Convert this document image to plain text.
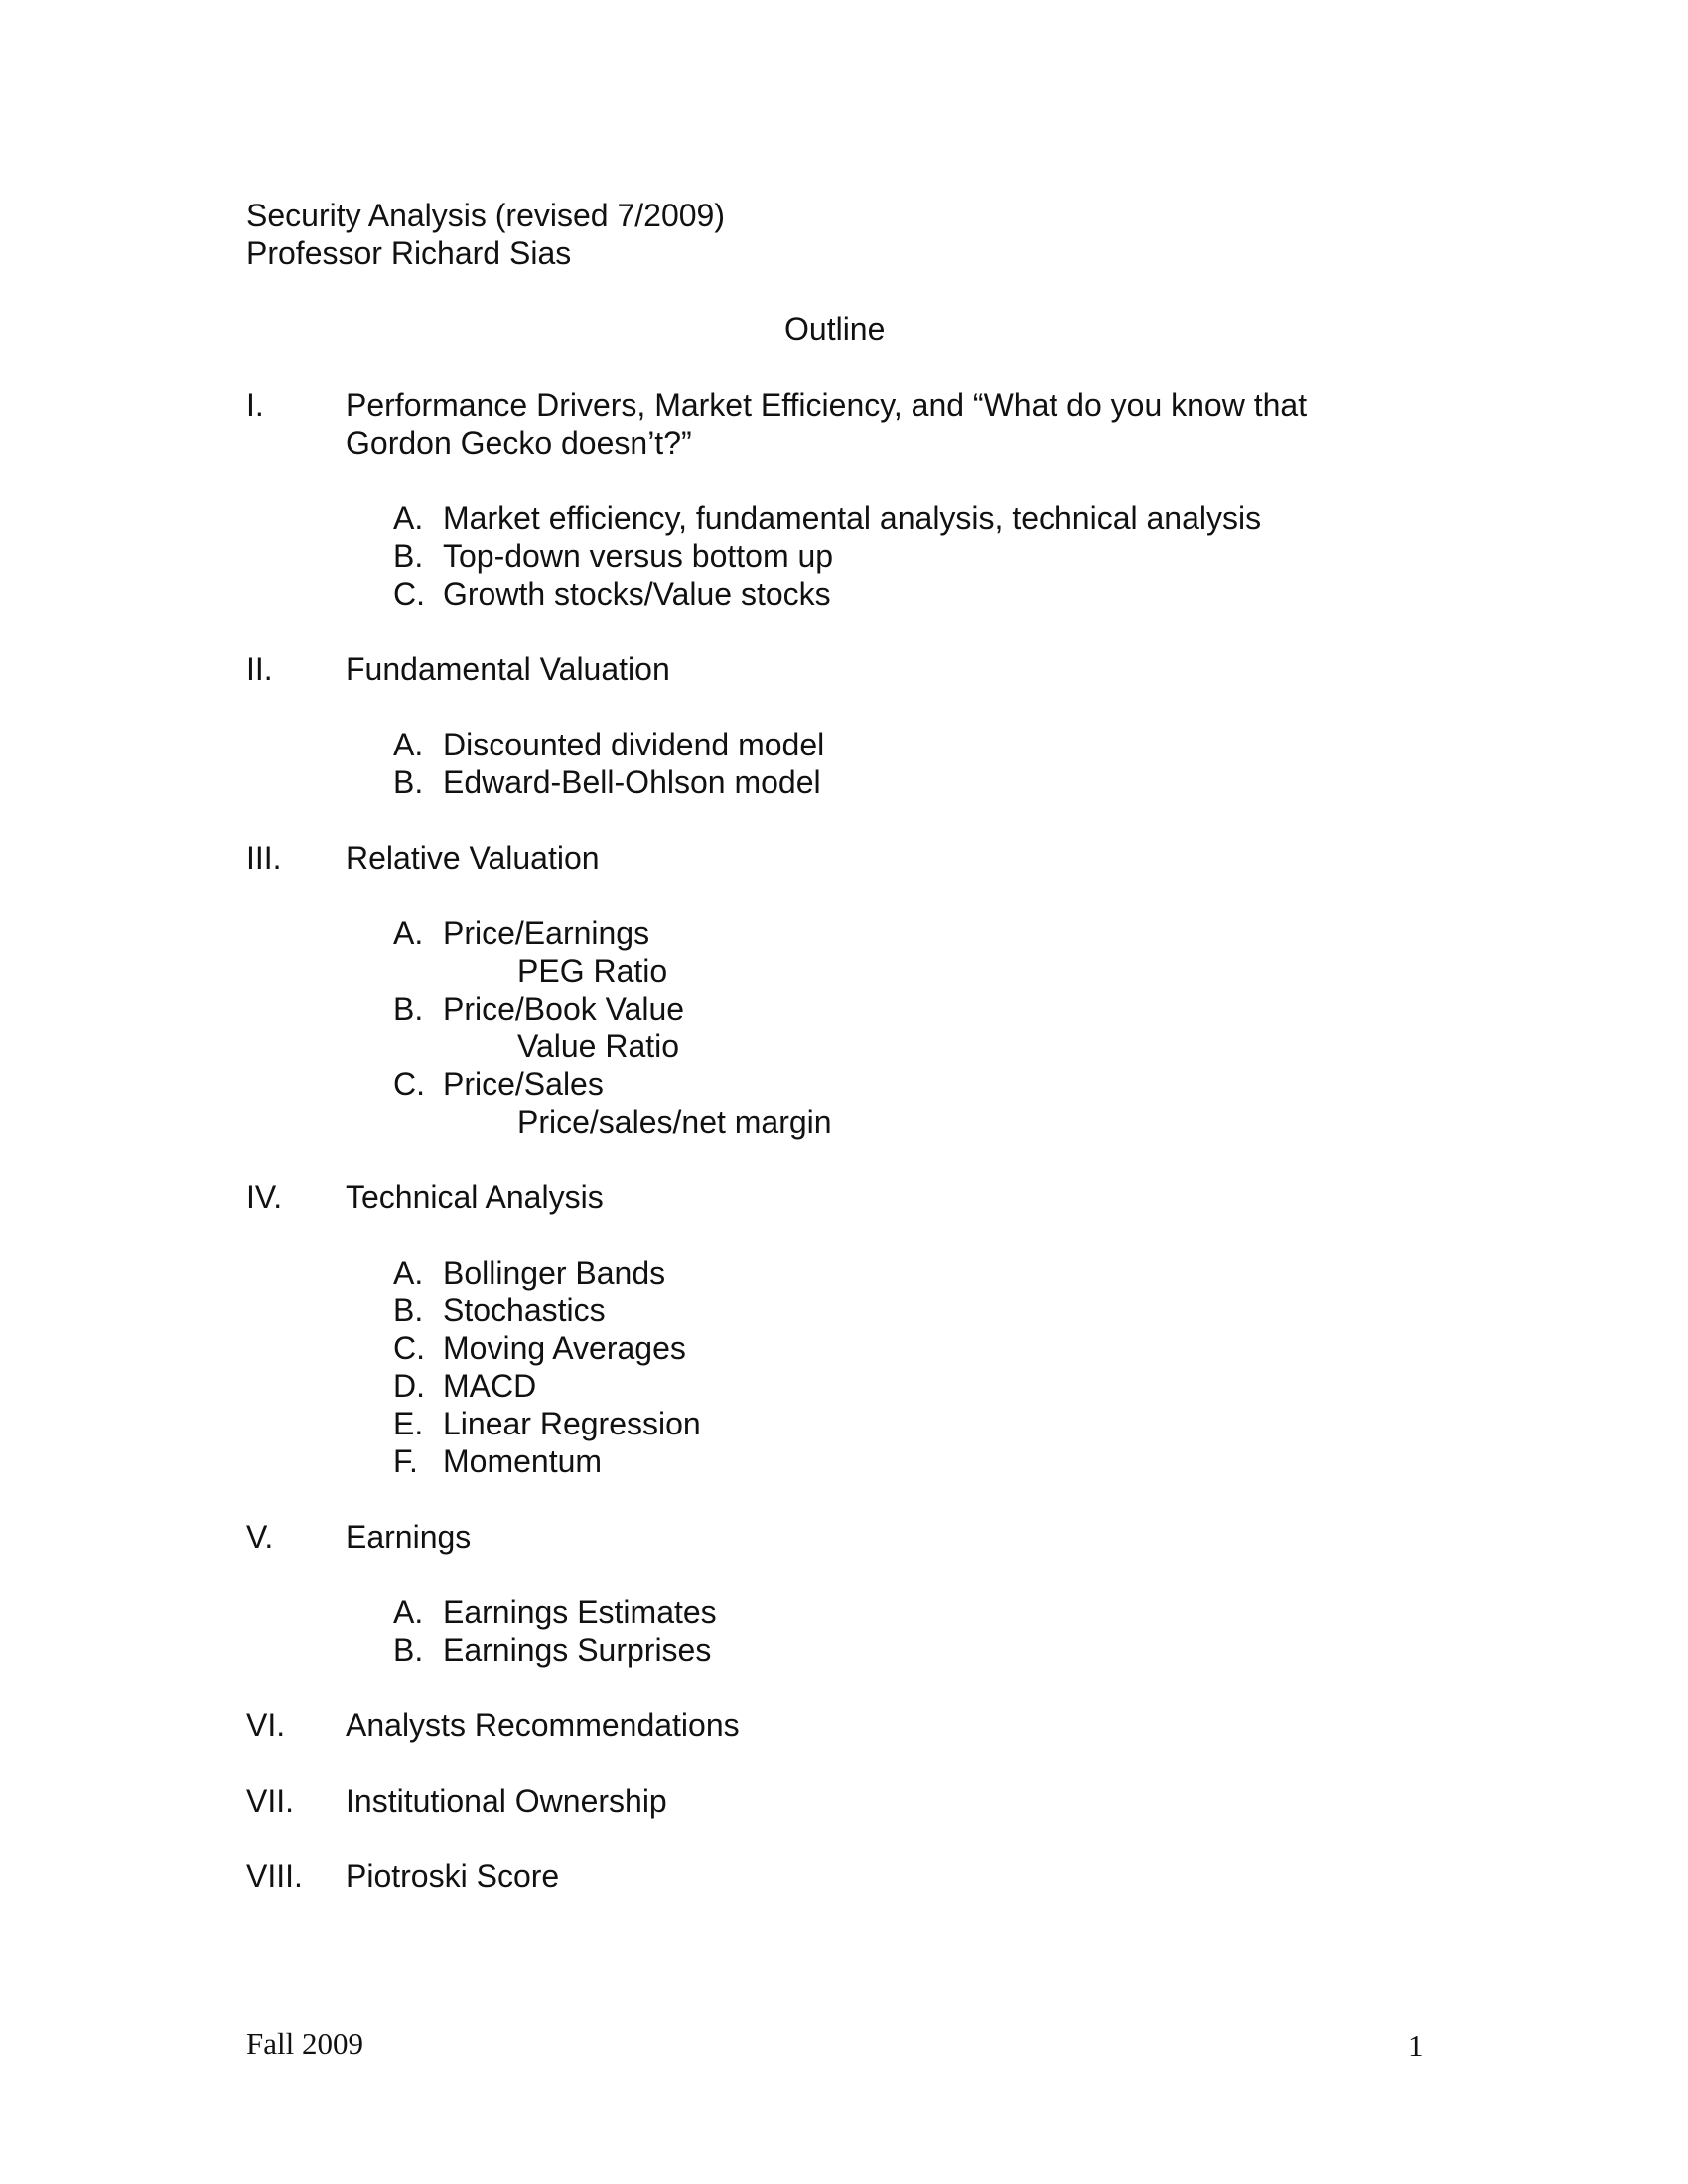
Security Analysis (revised 7/2009)
Professor Richard Sias
Outline
I.	Performance Drivers, Market Efficiency, and “What do you know that
Gordon Gecko doesn’t?”
A. Market efficiency, fundamental analysis, technical analysis
B. Top-down versus bottom up
C. Growth stocks/Value stocks
II. Fundamental Valuation
A. Discounted dividend model
B. Edward-Bell-Ohlson model
III. Relative Valuation
A. Price/Earnings
PEG Ratio
B. Price/Book Value
Value Ratio
C. Price/Sales
Price/sales/net margin
IV. Technical Analysis
A. Bollinger Bands
B. Stochastics
C. Moving Averages
D. MACD
E. Linear Regression
F. Momentum
V. Earnings
A. Earnings Estimates
B. Earnings Surprises
VI. Analysts Recommendations
VII. Institutional Ownership
VIII. Piotroski Score
Fall 2009	1
